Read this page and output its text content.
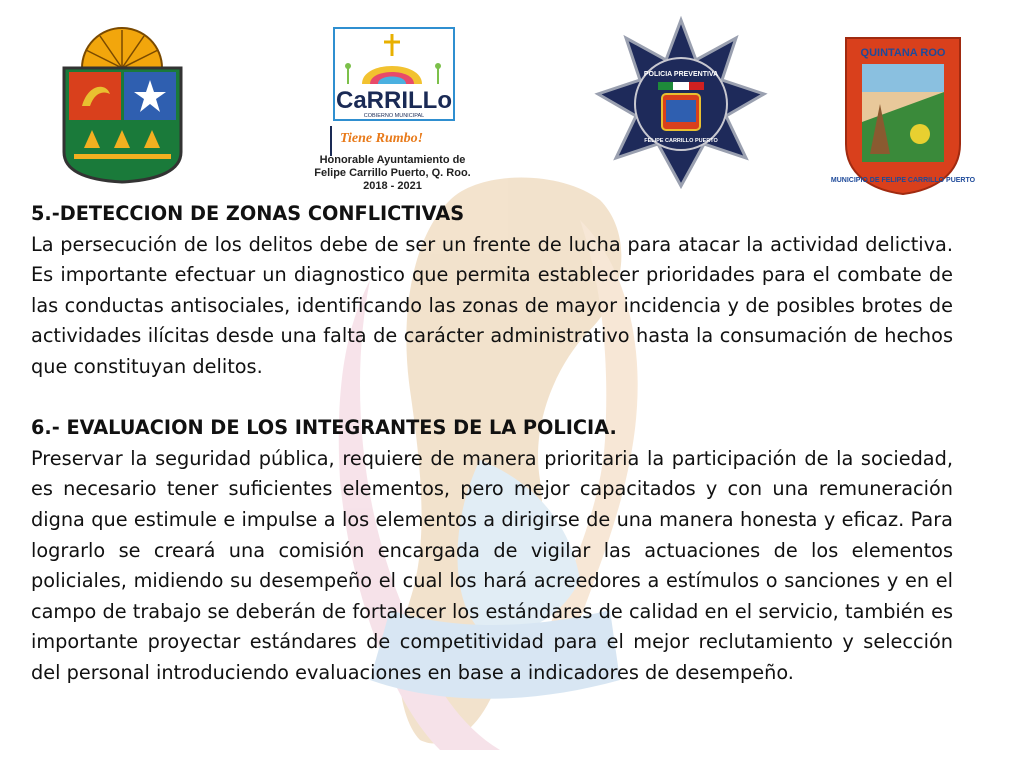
CaRRILLo
COBIERNO MUNICIPAL
Tiene Rumbo!
Honorable Ayuntamiento de
Felipe Carrillo Puerto, Q. Roo.
2018 - 2021
POLICIA PREVENTIVA
FELIPE CARRILLO PUERTO
QUINTANA ROO
MUNICIPIO DE FELIPE CARRILLO PUERTO
5.-DETECCION DE ZONAS CONFLICTIVAS

La persecución de los delitos debe de ser un frente de lucha para atacar la actividad delictiva. Es importante efectuar un diagnostico que permita establecer prioridades para el combate de las conductas antisociales, identificando las zonas de mayor incidencia y de posibles brotes de actividades ilícitas desde una falta de carácter administrativo hasta la consumación de hechos que constituyan delitos.

6.- EVALUACION DE LOS INTEGRANTES DE LA POLICIA.

Preservar la seguridad pública, requiere de manera prioritaria la participación de la sociedad, es necesario tener suficientes elementos, pero mejor capacitados y con una remuneración digna que estimule e impulse a los elementos a dirigirse de una manera honesta y eficaz. Para lograrlo se creará una comisión encargada de vigilar las actuaciones de los elementos policiales, midiendo su desempeño el cual los hará acreedores a estímulos o sanciones y en el campo de trabajo se deberán de fortalecer los estándares de calidad en el servicio, también es importante proyectar estándares de competitividad para el mejor reclutamiento y selección del personal introduciendo evaluaciones en base a indicadores de desempeño.
